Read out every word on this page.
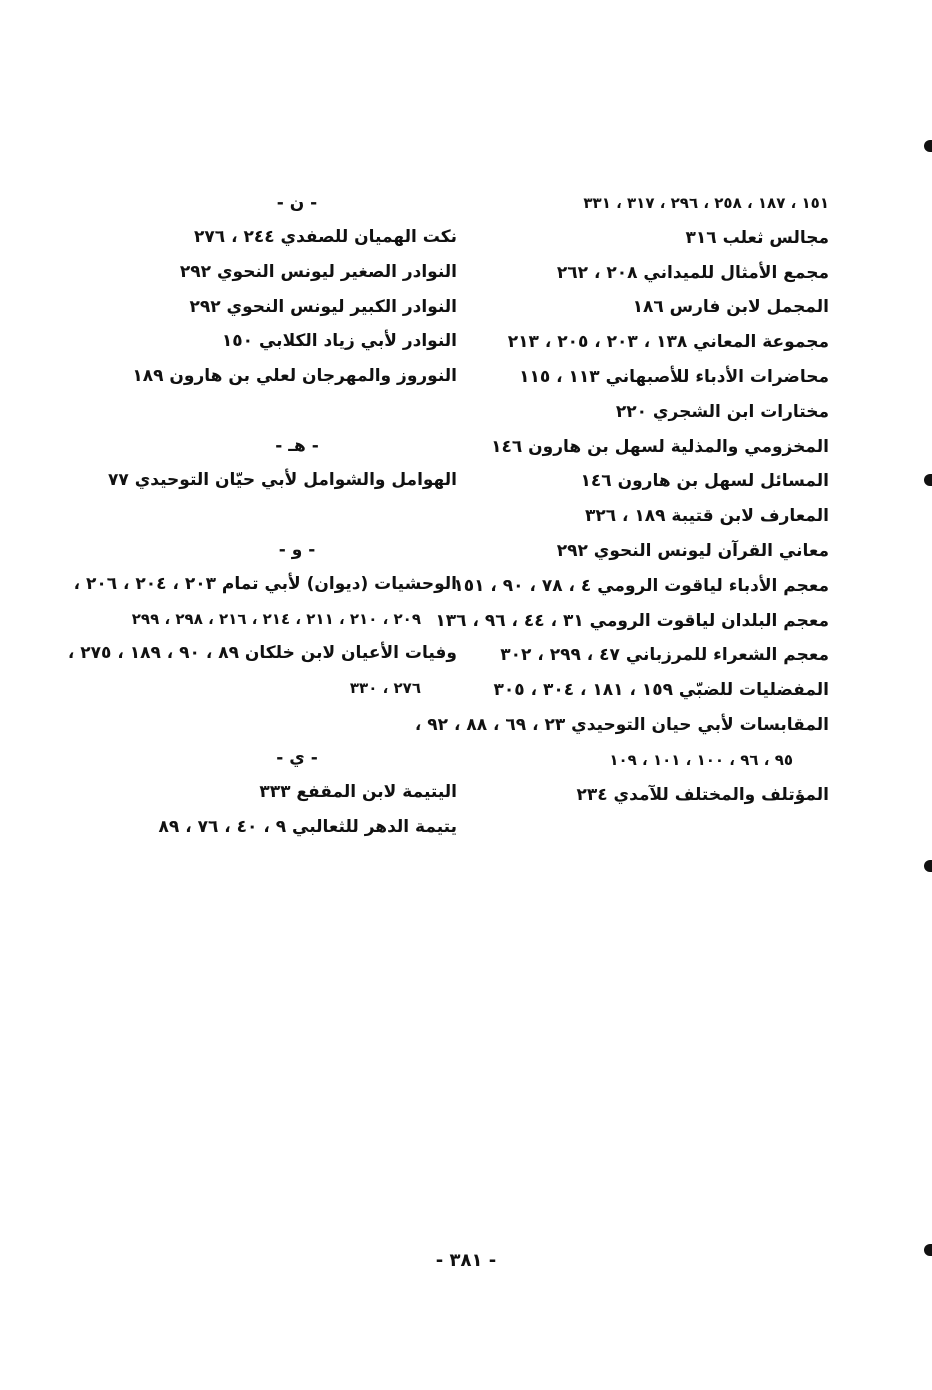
١٥١ ، ١٨٧ ، ٢٥٨ ، ٢٩٦ ، ٣١٧ ، ٣٣١
مجالس ثعلب ٣١٦
مجمع الأمثال للميداني ٢٠٨ ، ٢٦٢
المجمل لابن فارس ١٨٦
مجموعة المعاني ١٣٨ ، ٢٠٣ ، ٢٠٥ ، ٢١٣
محاضرات الأدباء للأصبهاني ١١٣ ، ١١٥
مختارات ابن الشجري ٢٢٠
المخزومي والمذلية لسهل بن هارون ١٤٦
المسائل لسهل بن هارون ١٤٦
المعارف لابن قتيبة ١٨٩ ، ٣٢٦
معاني القرآن ليونس النحوي ٢٩٢
معجم الأدباء لياقوت الرومي ٤ ، ٧٨ ، ٩٠ ، ١٥١
معجم البلدان لياقوت الرومي ٣١ ، ٤٤ ، ٩٦ ، ١٣٦
معجم الشعراء للمرزباني ٤٧ ، ٢٩٩ ، ٣٠٢
المفضليات للضبّي ١٥٩ ، ١٨١ ، ٣٠٤ ، ٣٠٥
المقابسات لأبي حيان التوحيدي ٢٣ ، ٦٩ ، ٨٨ ، ٩٢ ،
٩٥ ، ٩٦ ، ١٠٠ ، ١٠١ ، ١٠٩
المؤتلف والمختلف للآمدي ٢٣٤
- ن -
نكت الهميان للصفدي ٢٤٤ ، ٢٧٦
النوادر الصغير ليونس النحوي ٢٩٢
النوادر الكبير ليونس النحوي ٢٩٢
النوادر لأبي زياد الكلابي ١٥٠
النوروز والمهرجان لعلي بن هارون ١٨٩
- هـ -
الهوامل والشوامل لأبي حيّان التوحيدي ٧٧
- و -
الوحشيات (ديوان) لأبي تمام ٢٠٣ ، ٢٠٤ ، ٢٠٦ ،
٢٠٩ ، ٢١٠ ، ٢١١ ، ٢١٤ ، ٢١٦ ، ٢٩٨ ، ٢٩٩
وفيات الأعيان لابن خلكان ٨٩ ، ٩٠ ، ١٨٩ ، ٢٧٥ ،
٢٧٦ ، ٣٣٠
- ي -
اليتيمة لابن المقفع ٣٣٣
يتيمة الدهر للثعالبي ٩ ، ٤٠ ، ٧٦ ، ٨٩
- ٣٨١ -
